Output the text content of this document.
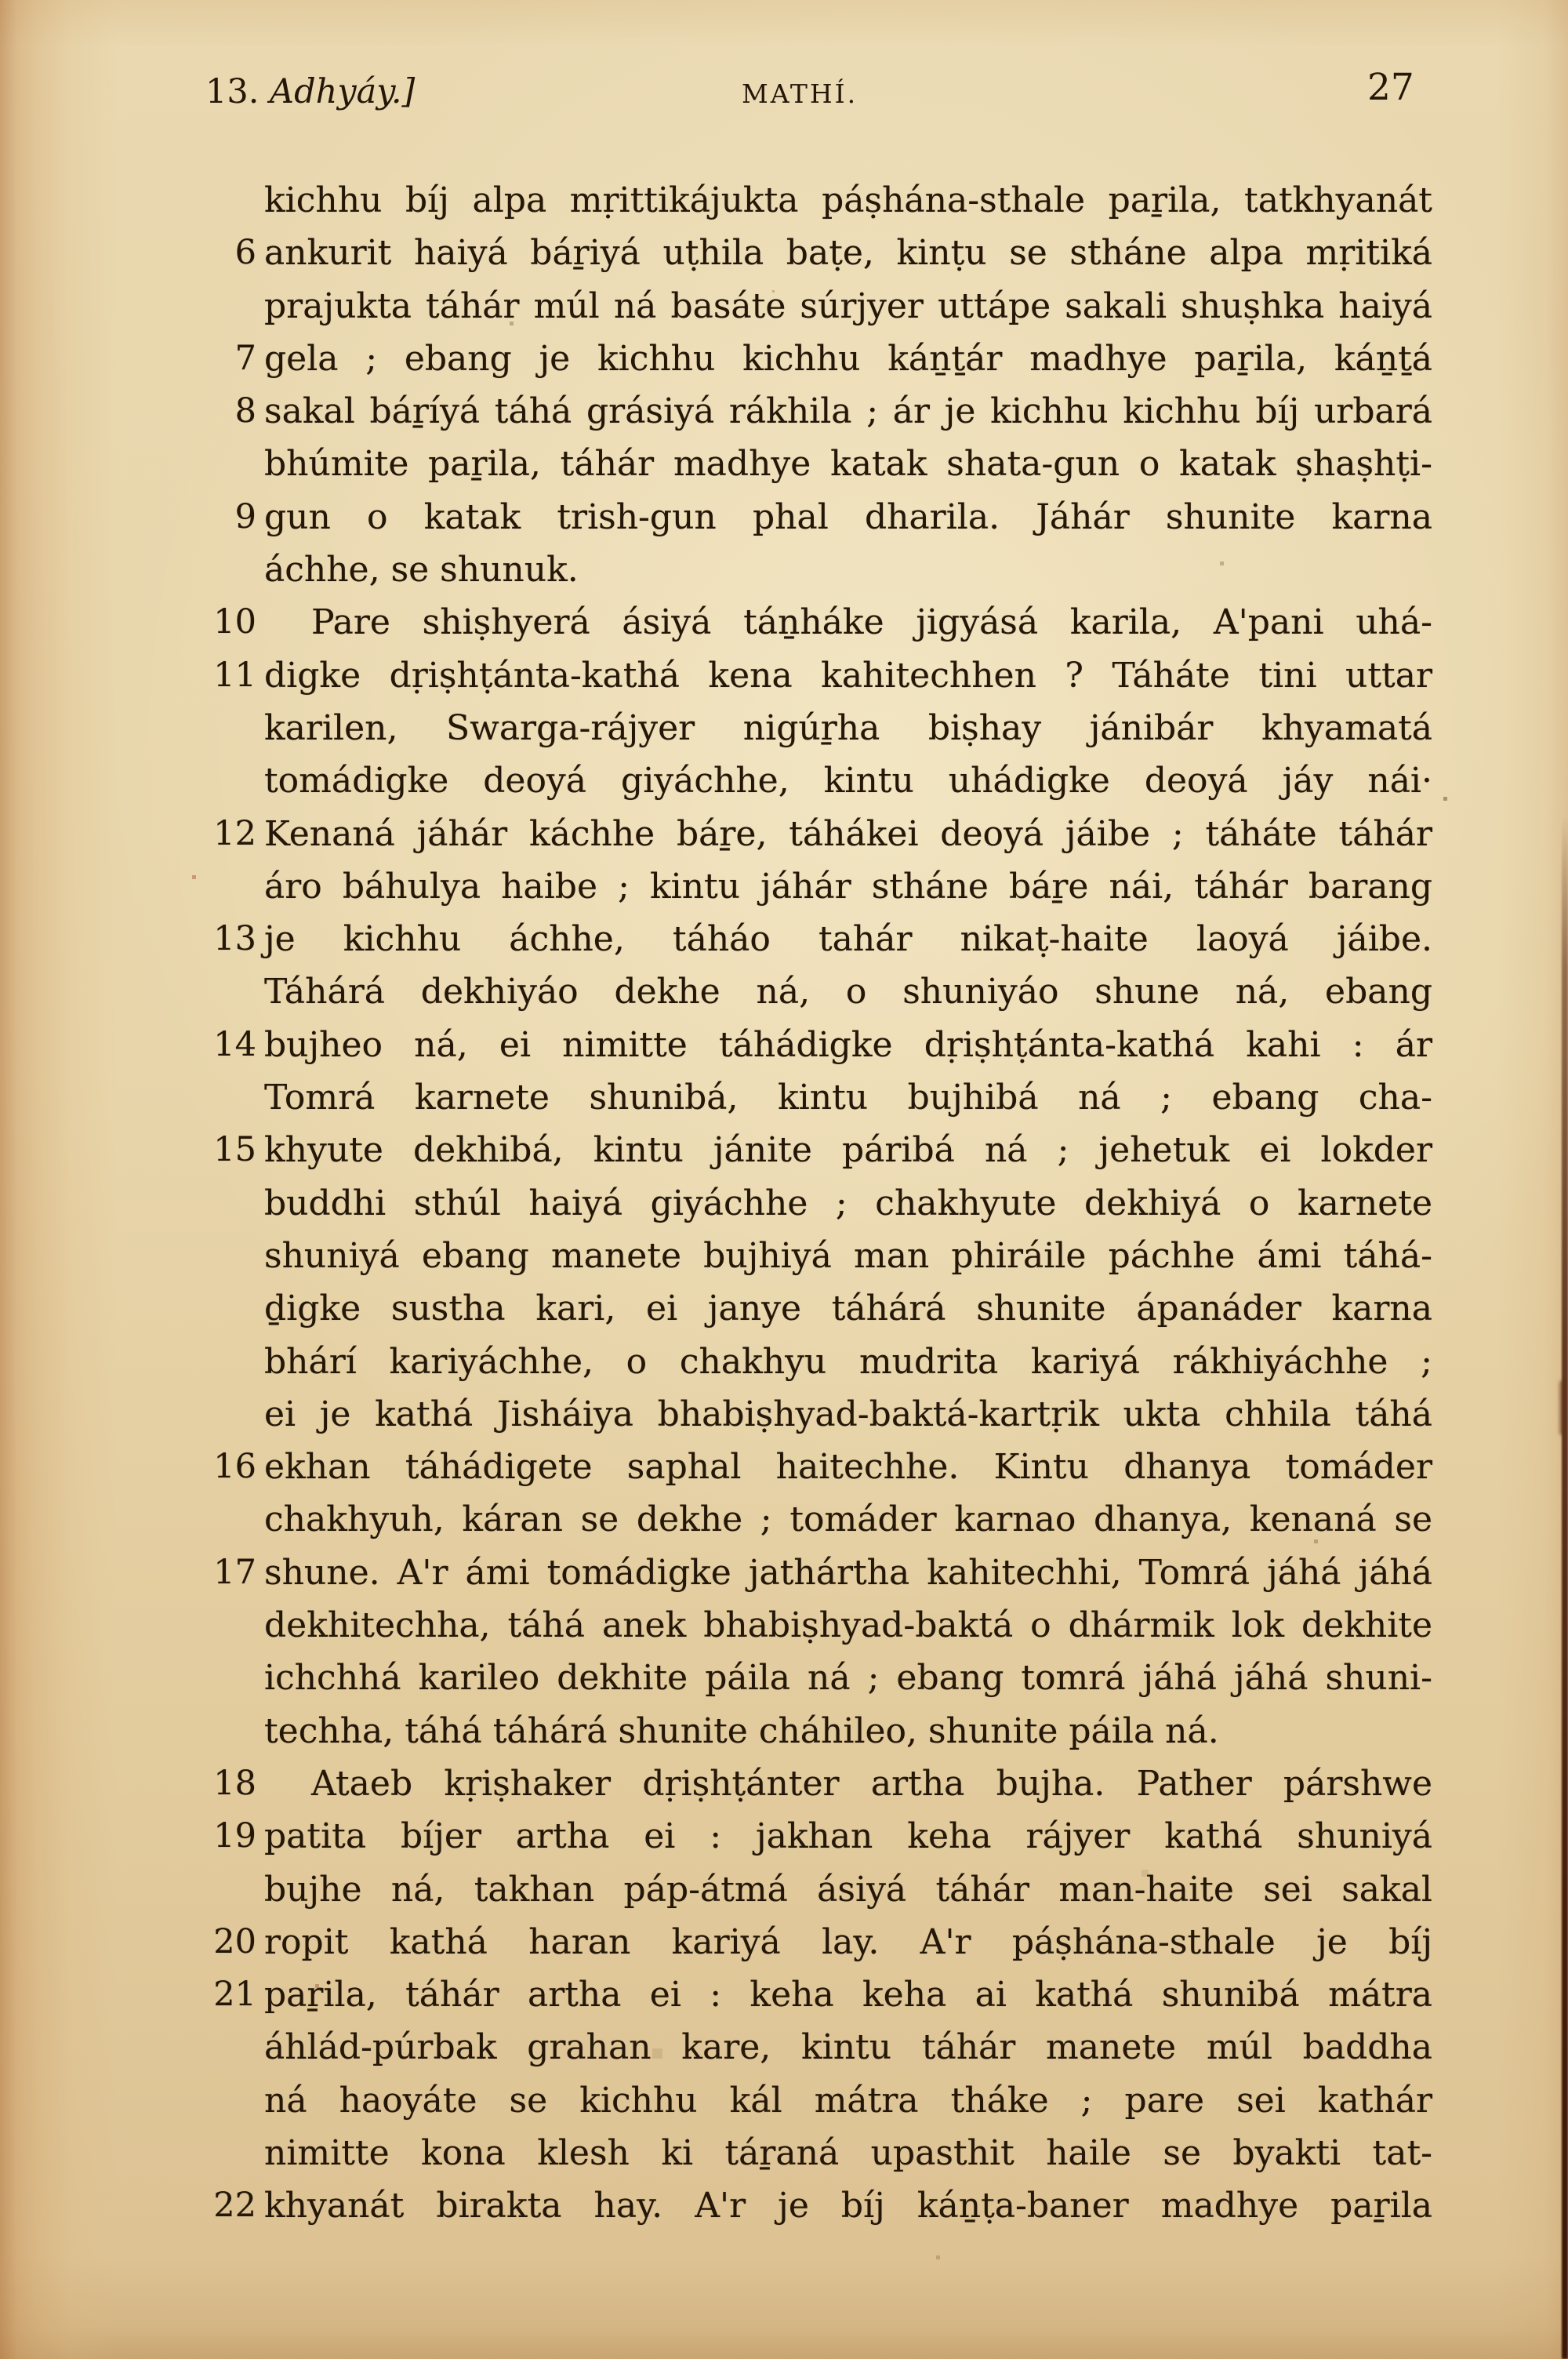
13. Adhyáy.]	MATHÍ.	27
kichhu bíj alpa mṛittikájukta páṣhána-sthale paṟila, tatkhyanát
6 ankurit haiyá báṟiyá uṭhila baṭe, kinṭu se stháne alpa mṛitiká
prajukta táhár múl ná basáte súrjyer uttápe sakali shuṣhka haiyá
7 gela ; ebang je kichhu kichhu káṉṯár madhye paṟila, káṉṯá
8 sakal báṟíyá táhá grásiyá rákhila ; ár je kichhu kichhu bíj urbará
bhúmite paṟila, táhár madhye katak shata-gun o katak ṣhaṣhṭi-
9 gun o katak trish-gun phal dharila. Jáhár shunite karna
áchhe, se shunuk.
10	Pare shiṣhyerá ásiyá táṉháke jigyásá karila, A'pani uhá-
11 digke dṛiṣhṭánta-kathá kena kahitechhen ? Táháte tini uttar
karilen, Swarga-rájyer nigúṟha biṣhay jánibár khyamatá
tomádigke deoyá giyáchhe, kintu uhádigke deoyá jáy nái·
12 Kenaná jáhár káchhe báṟe, táhákei deoyá jáibe ; táháte táhár
áro báhulya haibe ; kintu jáhár stháne báṟe nái, táhár barang
13 je kichhu áchhe, táháo tahár nikaṭ-haite laoyá jáibe.
Táhárá dekhiyáo dekhe ná, o shuniyáo shune ná, ebang
14 bujheo ná, ei nimitte táhádigke dṛiṣhṭánta-kathá kahi : ár
Tomrá karnete shunibá, kintu bujhibá ná ; ebang cha-
15 khyute dekhibá, kintu jánite páribá ná ; jehetuk ei lokder
buddhi sthúl haiyá giyáchhe ; chakhyute dekhiyá o karnete
shuniyá ebang manete bujhiyá man phiráile páchhe ámi táhá-
ḏigke sustha kari, ei janye táhárá shunite ápanáder karna
bhárí kariyáchhe, o chakhyu mudrita kariyá rákhiyáchhe ;
ei je kathá Jisháiya bhabiṣhyad-baktá-kartṛik ukta chhila táhá
16 ekhan táhádigete saphal haitechhe. Kintu dhanya tomáder
chakhyuh, káran se dekhe ; tomáder karnao dhanya, kenaná se
17 shune. A'r ámi tomádigke jathártha kahitechhi, Tomrá jáhá jáhá
dekhitechha, táhá anek bhabiṣhyad-baktá o dhármik lok dekhite
ichchhá karileo dekhite páila ná ; ebang tomrá jáhá jáhá shuni-
techha, táhá táhárá shunite cháhileo, shunite páila ná.
18	Ataeb kṛiṣhaker dṛiṣhṭánter artha bujha. Pather párshwe
19 patita bíjer artha ei : jakhan keha rájyer kathá shuniyá
bujhe ná, takhan páp-átmá ásiyá táhár man-haite sei sakal
20 ropit kathá haran kariyá lay. A'r páṣhána-sthale je bíj
21 paṟila, táhár artha ei : keha keha ai kathá shunibá mátra
áhlád-púrbak grahan kare, kintu táhár manete múl baddha
ná haoyáte se kichhu kál mátra tháke ; pare sei kathár
nimitte kona klesh ki táṟaná upasthit haile se byakti tat-
22 khyanát birakta hay. A'r je bíj káṉṭa-baner madhye paṟila
